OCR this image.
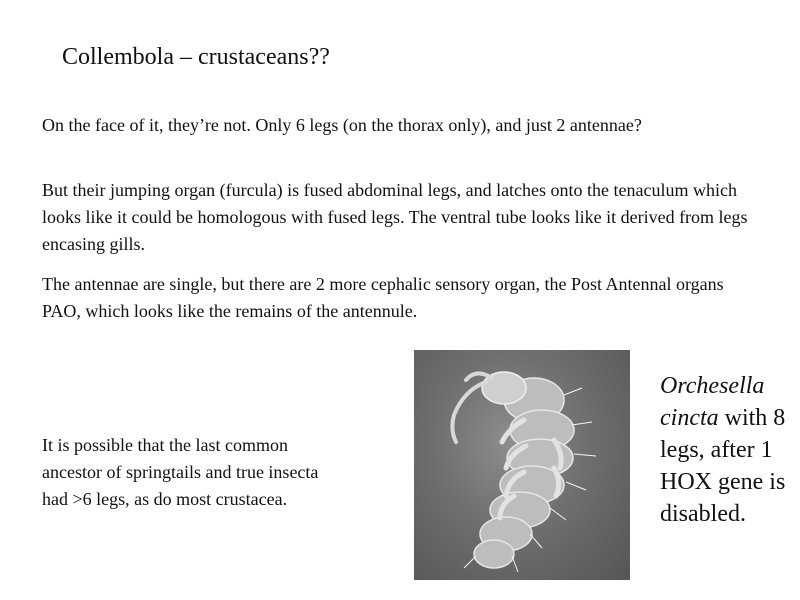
Collembola – crustaceans??

On the face of it, they’re not. Only 6 legs (on the thorax only), and just 2 antennae?

But their jumping organ (furcula) is fused abdominal legs, and latches onto the tenaculum which looks like it could be homologous with fused legs. The ventral tube looks like it derived from legs encasing gills.

The antennae are single, but there are 2 more cephalic sensory organ, the Post Antennal organs PAO, which looks like the remains of the antennule.

It is possible that the last common ancestor of springtails and true insecta had >6 legs, as do most crustacea.

Orchesella cincta with 8 legs, after 1 HOX gene is disabled.
